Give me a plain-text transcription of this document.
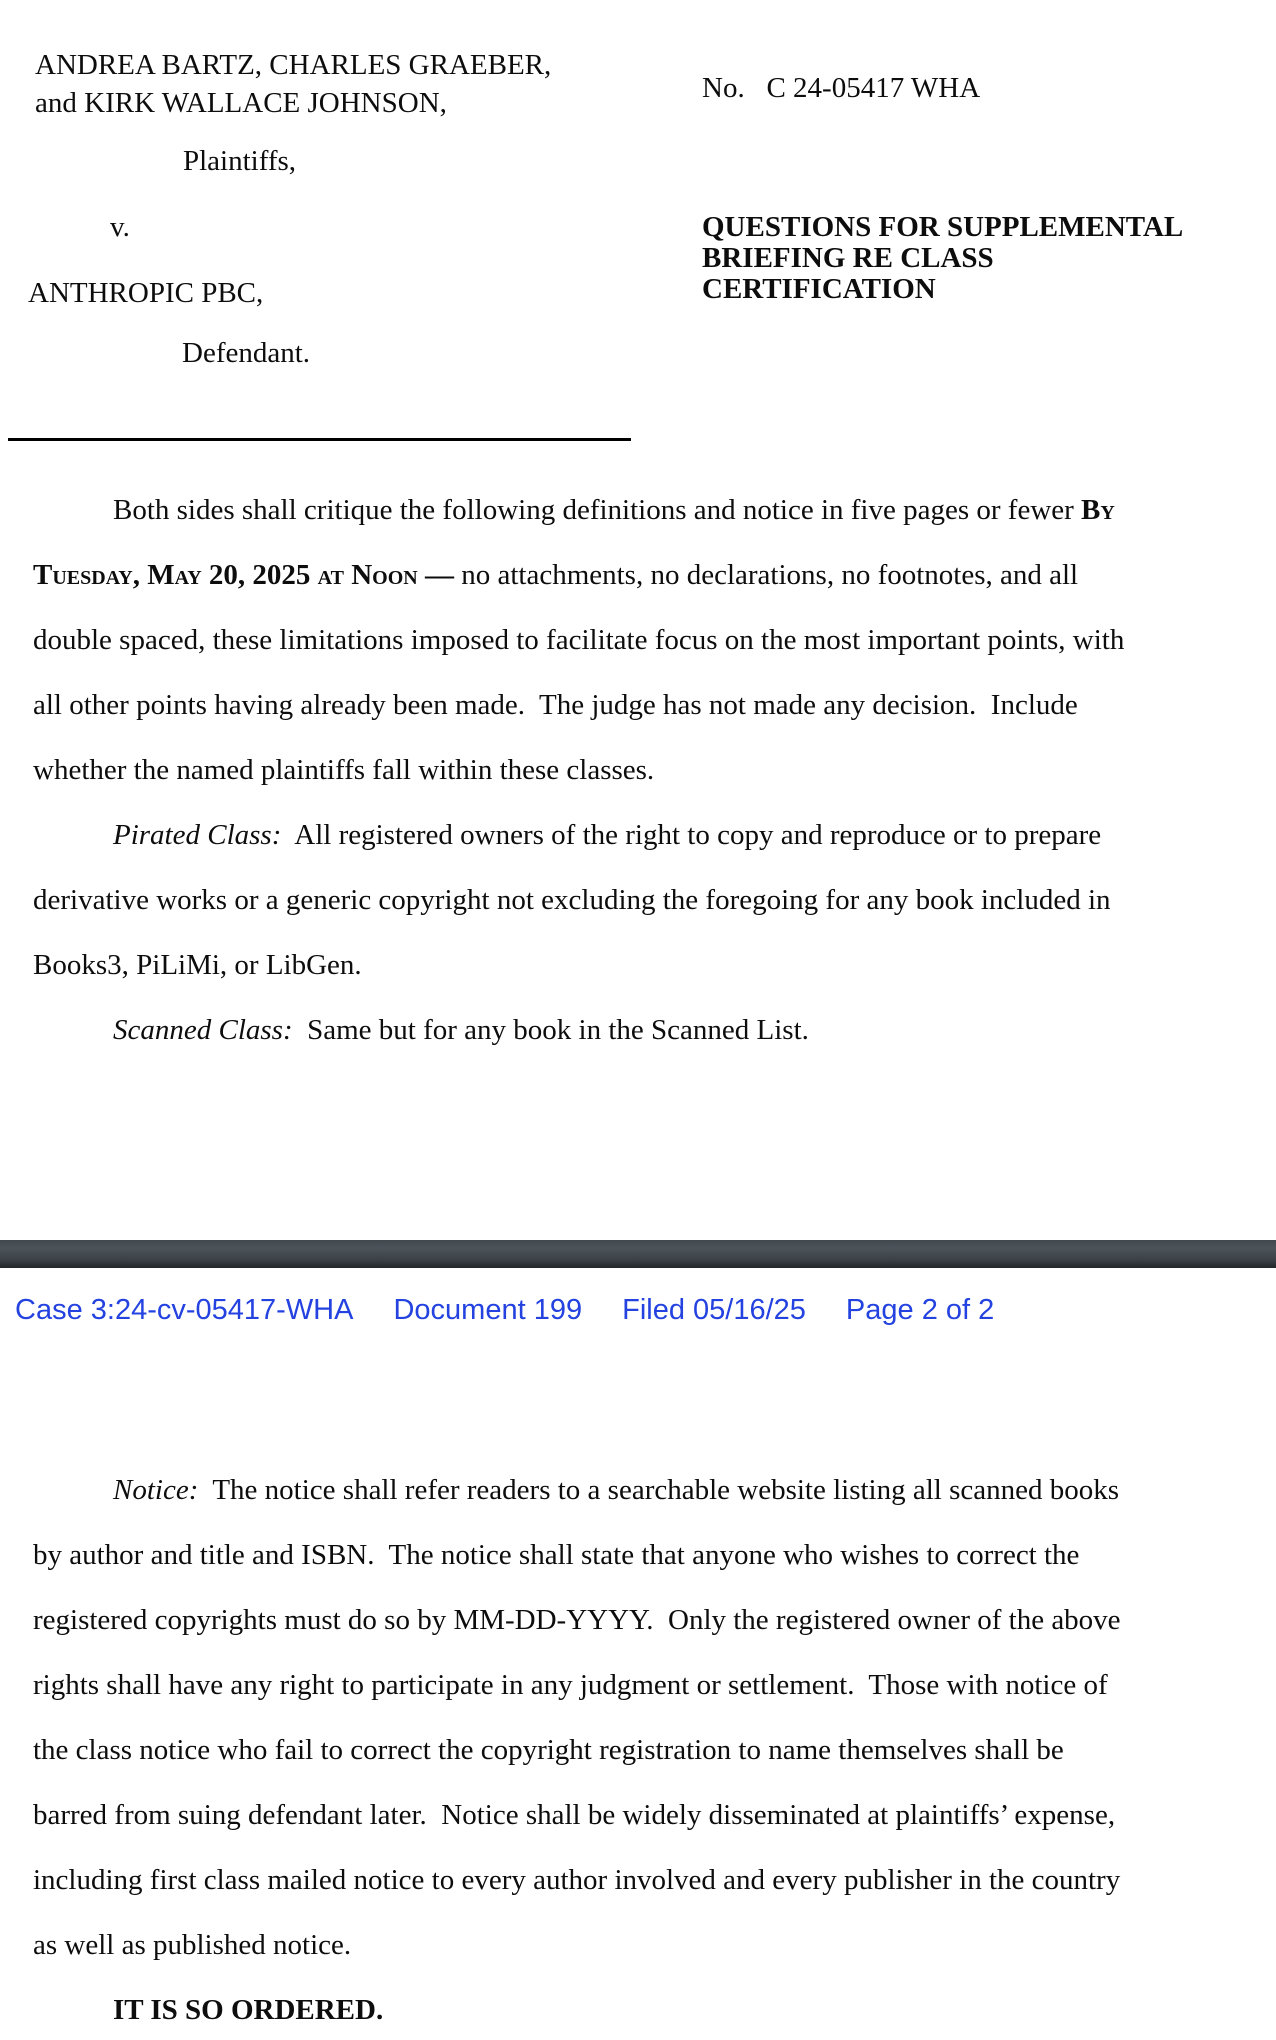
ANDREA BARTZ, CHARLES GRAEBER,
and KIRK WALLACE JOHNSON,
Plaintiffs,
v.
ANTHROPIC PBC,
Defendant.
No.   C 24-05417 WHA
QUESTIONS FOR SUPPLEMENTAL
BRIEFING RE CLASS
CERTIFICATION
Both sides shall critique the following definitions and notice in five pages or fewer By
Tuesday, May 20, 2025 at Noon — no attachments, no declarations, no footnotes, and all
double spaced, these limitations imposed to facilitate focus on the most important points, with
all other points having already been made.  The judge has not made any decision.  Include
whether the named plaintiffs fall within these classes.
Pirated Class:  All registered owners of the right to copy and reproduce or to prepare
derivative works or a generic copyright not excluding the foregoing for any book included in
Books3, PiLiMi, or LibGen.
Scanned Class:  Same but for any book in the Scanned List.
Case 3:24-cv-05417-WHA Document 199 Filed 05/16/25 Page 2 of 2
Notice:  The notice shall refer readers to a searchable website listing all scanned books
by author and title and ISBN.  The notice shall state that anyone who wishes to correct the
registered copyrights must do so by MM-DD-YYYY.  Only the registered owner of the above
rights shall have any right to participate in any judgment or settlement.  Those with notice of
the class notice who fail to correct the copyright registration to name themselves shall be
barred from suing defendant later.  Notice shall be widely disseminated at plaintiffs’ expense,
including first class mailed notice to every author involved and every publisher in the country
as well as published notice.
IT IS SO ORDERED.
